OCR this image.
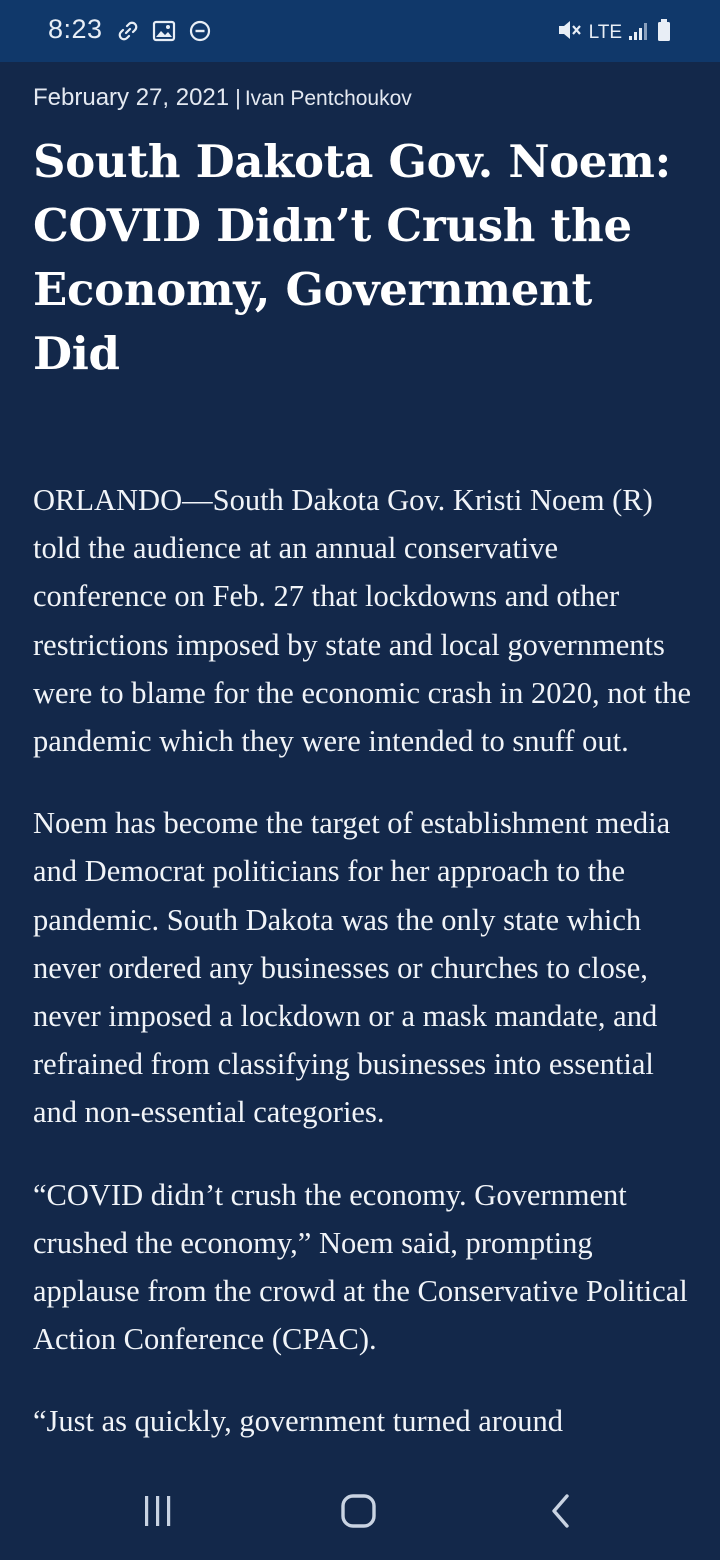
8:23	LTE
February 27, 2021 | Ivan Pentchoukov
South Dakota Gov. Noem: COVID Didn’t Crush the Economy, Government Did

ORLANDO—South Dakota Gov. Kristi Noem (R) told the audience at an annual conservative conference on Feb. 27 that lockdowns and other restrictions imposed by state and local governments were to blame for the economic crash in 2020, not the pandemic which they were intended to snuff out.

Noem has become the target of establishment media and Democrat politicians for her approach to the pandemic. South Dakota was the only state which never ordered any businesses or churches to close, never imposed a lockdown or a mask mandate, and refrained from classifying businesses into essential and non-essential categories.

“COVID didn’t crush the economy. Government crushed the economy,” Noem said, prompting applause from the crowd at the Conservative Political Action Conference (CPAC).

“Just as quickly, government turned around
